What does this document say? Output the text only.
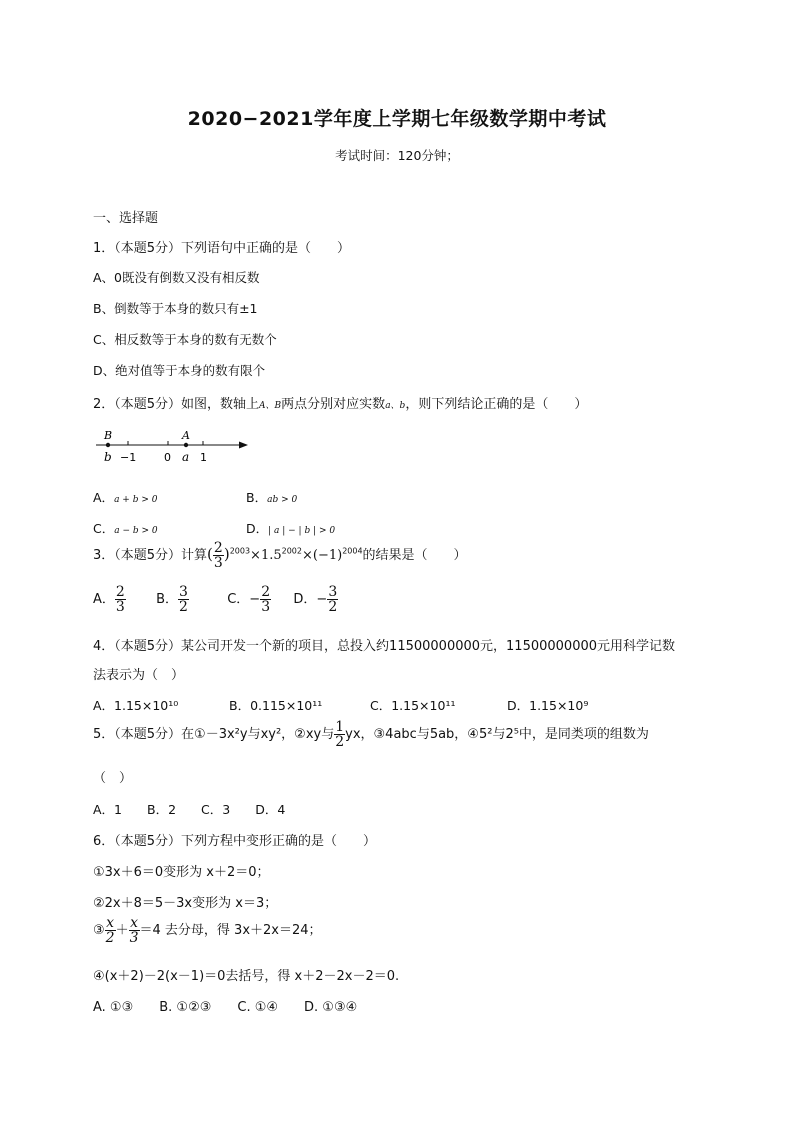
2020−2021学年度上学期七年级数学期中考试
考试时间：120分钟；
一、选择题
1．（本题5分）下列语句中正确的是（　　）
A、0既没有倒数又没有相反数
B、倒数等于本身的数只有±1
C、相反数等于本身的数有无数个
D、绝对值等于本身的数有限个
2．（本题5分）如图，数轴上A、B两点分别对应实数a、b，则下列结论正确的是（　　）
B	A
b −1	0 a 1
A．a + b > 0	B．ab > 0
C．a − b > 0	D．| a | − | b | > 0
3．（本题5分）计算( $\frac{2}{3} )^{2003}\times 1.5^{2002}\times(-1)^{2004}$的结果是（　　）
A． $\frac{2}{3}$ B． $\frac{3}{2}$	C．− $\frac{2}{3}$ D．− $\frac{3}{2}$
4．（本题5分）某公司开发一个新的项目，总投入约11500000000元，11500000000元用科学记数
法表示为（　）
A．1.15×10¹⁰	B．0.115×10¹¹	C．1.15×10¹¹	D．1.15×10⁹
5．（本题5分）在①－3x²y与xy²，②xy与 $\frac{1}{2}$ yx，③4abc与5ab，④5²与2⁵中，是同类项的组数为
（　）
A．1　　B．2　　C．3　　D．4
6．（本题5分）下列方程中变形正确的是（　　）
①3x＋6＝0变形为 x＋2＝0；
②2x＋8＝5－3x变形为 x＝3；
③ $\frac{x}{2} + \frac{x}{3} =4$ 去分母，得 3x＋2x＝24；
④(x＋2)－2(x－1)＝0去括号，得 x＋2－2x－2＝0.
A. ①③　　B. ①②③　　C. ①④　　D. ①③④
